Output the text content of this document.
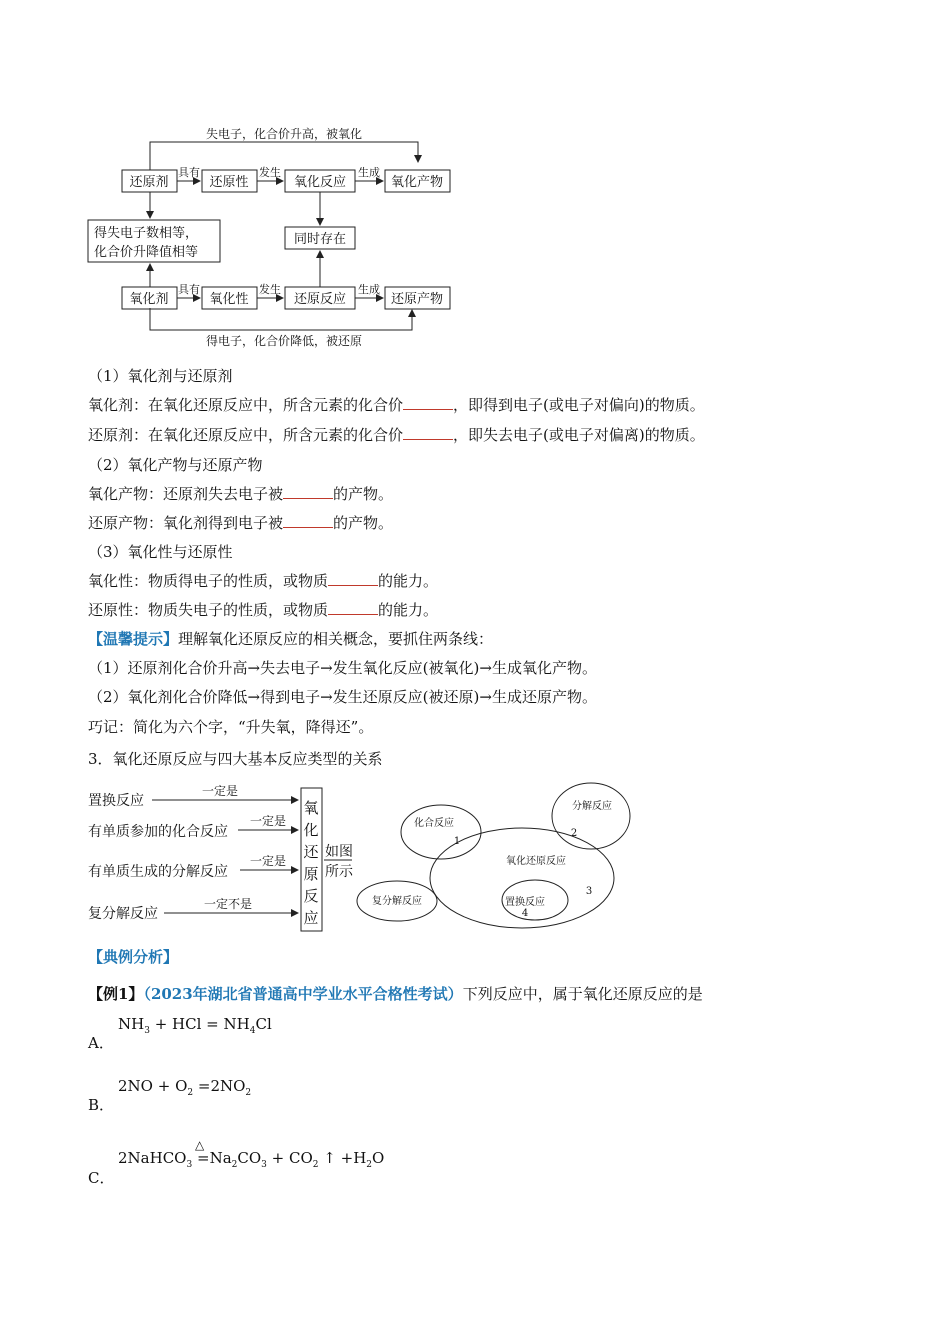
失电子，化合价升高，被氧化
得电子，化合价降低，被还原
还原剂	还原性	氧化反应	氧化产物
氧化剂	氧化性	还原反应	还原产物
具有	发生	生成
具有	发生	生成
得失电子数相等，
化合价升降值相等
同时存在
（1）氧化剂与还原剂
氧化剂：在氧化还原反应中，所含元素的化合价	，即得到电子(或电子对偏向)的物质。
还原剂：在氧化还原反应中，所含元素的化合价	，即失去电子(或电子对偏离)的物质。
（2）氧化产物与还原产物
氧化产物：还原剂失去电子被	的产物。
还原产物：氧化剂得到电子被	的产物。
（3）氧化性与还原性
氧化性：物质得电子的性质，或物质	的能力。
还原性：物质失电子的性质，或物质	的能力。
【温馨提示】理解氧化还原反应的相关概念，要抓住两条线：
（1）还原剂化合价升高→失去电子→发生氧化反应(被氧化)→生成氧化产物。
（2）氧化剂化合价降低→得到电子→发生还原反应(被还原)→生成还原产物。
巧记：简化为六个字，“升失氧，降得还”。
3．氧化还原反应与四大基本反应类型的关系
置换反应
有单质参加的化合反应
有单质生成的分解反应
复分解反应
一定是
一定是
一定是
一定不是
氧
化
还
原
反
应
如图
所示
化合反应
1
分解反应
2
氧化还原反应
3
复分解反应	置换反应
4
【典例分析】
【例1】（2023年湖北省普通高中学业水平合格性考试）下列反应中，属于氧化还原反应的是
$NH_3$ + HCl = $NH_4Cl$
A．
$2NO + O_2 =2NO_2$
B．
2NaHCO$_3$ =
△
$Na_2CO_3 + CO_2$ ↑ $+H_2O$
C．
